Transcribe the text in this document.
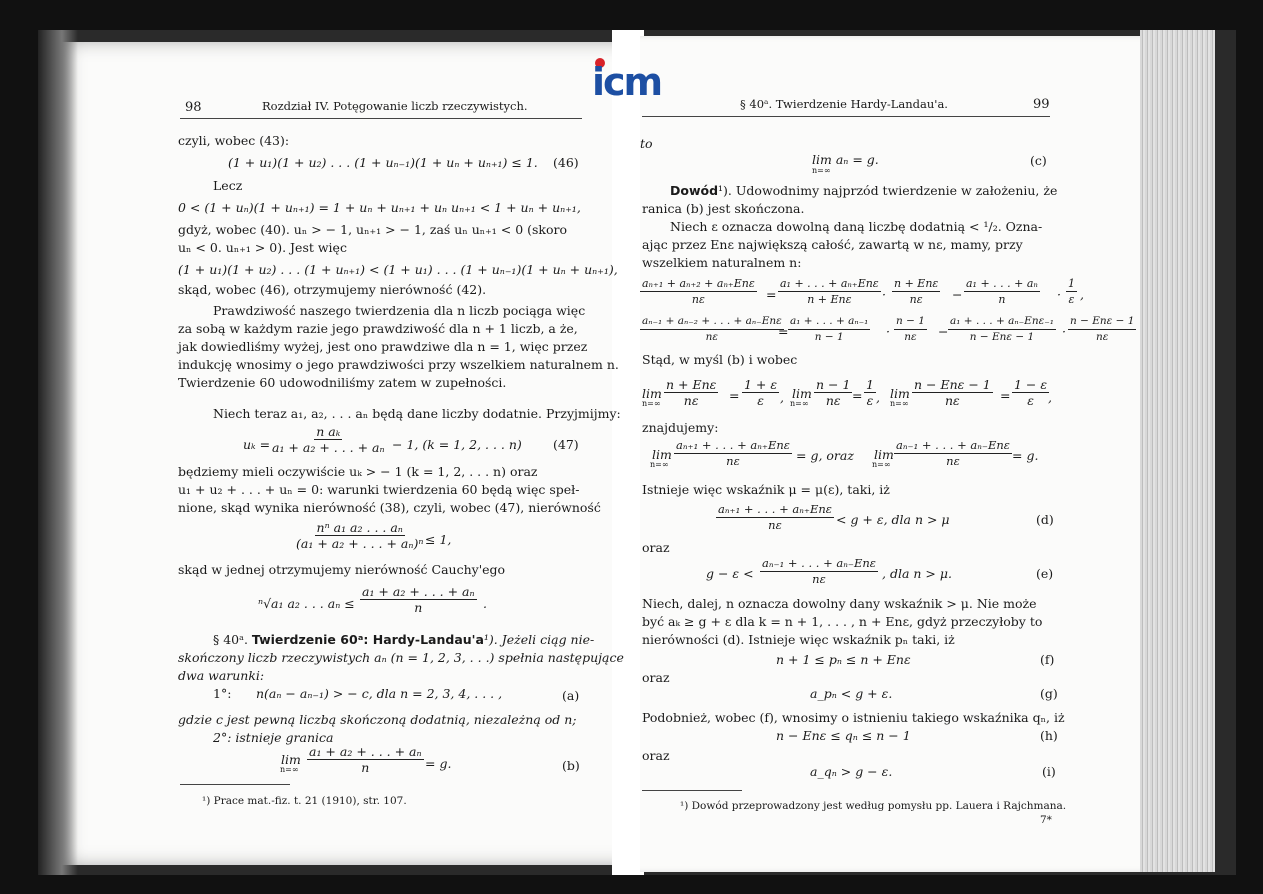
icm
98	Rozdział IV. Potęgowanie liczb rzeczywistych.
czyli, wobec (43):
(1 + u₁)(1 + u₂) . . . (1 + uₙ₋₁)(1 + uₙ + uₙ₊₁) ≤ 1. (46)
Lecz
0 < (1 + uₙ)(1 + uₙ₊₁) = 1 + uₙ + uₙ₊₁ + uₙ uₙ₊₁ < 1 + uₙ + uₙ₊₁,
gdyż, wobec (40). uₙ > − 1, uₙ₊₁ > − 1, zaś uₙ uₙ₊₁ < 0 (skoro
uₙ < 0. uₙ₊₁ > 0). Jest więc
(1 + u₁)(1 + u₂) . . . (1 + uₙ₊₁) < (1 + u₁) . . . (1 + uₙ₋₁)(1 + uₙ + uₙ₊₁),
skąd, wobec (46), otrzymujemy nierówność (42).
Prawdziwość naszego twierdzenia dla n liczb pociąga więc
za sobą w każdym razie jego prawdziwość dla n + 1 liczb, a że,
jak dowiedliśmy wyżej, jest ono prawdziwe dla n = 1, więc przez
indukcję wnosimy o jego prawdziwości przy wszelkiem naturalnem n.
Twierdzenie 60 udowodniliśmy zatem w zupełności.
Niech teraz a₁, a₂, . . . aₙ będą dane liczby dodatnie. Przyjmijmy:
$u_k = \frac{\text{n aₖ}}{\text{a₁ + a₂ + . . . + aₙ}} - 1$, (k = 1, 2, . . . n) (47)
będziemy mieli oczywiście uₖ > − 1 (k = 1, 2, . . . n) oraz
u₁ + u₂ + . . . + uₙ = 0: warunki twierdzenia 60 będą więc speł-
nione, skąd wynika nierówność (38), czyli, wobec (47), nierówność
$\frac{\text{nⁿ a₁ a₂ . . . aₙ}}{\text{(a₁ + a₂ + . . . + aₙ)ⁿ}} \le 1$,
skąd w jednej otrzymujemy nierówność Cauchy'ego
ⁿ√a₁ a₂ . . . $a_n \le \frac{\text{a₁ + a₂ + . . . + aₙ}}{n}$ .
§ 40ᵃ. Twierdzenie 60ᵃ: Hardy-Landau'a¹). Jeżeli ciąg nie-
skończony liczb rzeczywistych aₙ (n = 1, 2, 3, . . .) spełnia następujące
dwa warunki:
1°: n(aₙ − aₙ₋₁) > − c, dla n = 2, 3, 4, . . . ,	(a)
gdzie c jest pewną liczbą skończoną dodatnią, niezależną od n;
2°: istnieje granica
lim
$n=\infty \frac{\text{a₁ + a₂ + . . . + aₙ}}{n} = g$.	(b)
¹) Prace mat.-fiz. t. 21 (1910), str. 107.
§ 40ᵃ. Twierdzenie Hardy-Landau'a.	99
to
lim aₙ = g.
n=∞
(c)
Dowód¹). Udowodnimy najprzód twierdzenie w założeniu, że
ranica (b) jest skończona.
Niech ε oznacza dowolną daną liczbę dodatnią < ¹/₂. Ozna-
ając przez Enε największą całość, zawartą w nε, mamy, przy
wszelkiem naturalnem n:
aₙ₊₁ + aₙ₊₂ + aₙ₊Enε
nε	=
a₁ + . . . + aₙ₊Enε
n + Enε ·
n + Enε
$n\varepsilon - \frac{\text{a₁ + . . . + aₙ}}{n} \cdot \frac{1}{\varepsilon}$ ,
aₙ₋₁ + aₙ₋₂ + . . . + aₙ₋Enε
nε	= $\frac{\text{a₁ + . . . + aₙ₋₁}}{n - 1} \cdot \frac{n - 1}{n\varepsilon}$ −
a₁ + . . . + aₙ₋Enε₋₁
n − Enε − 1 ·
n − Enε − 1
nε
Stąd, w myśl (b) i wobec
lim
n=∞
n + Enε
$n\varepsilon = \frac{1 + \varepsilon}{\varepsilon}$ , lim
$n=\infty \frac{n - 1}{n\varepsilon} = \frac{1}{\varepsilon}$ , lim
n=∞
n − Enε − 1
nε	= $\frac{1 - \varepsilon}{\varepsilon}$
,
znajdujemy:
lim
n=∞
aₙ₊₁ + . . . + aₙ₊Enε
nε	= g, oraz lim
n=∞
aₙ₋₁ + . . . + aₙ₋Enε
nε	= g.
Istnieje więc wskaźnik μ = μ(ε), taki, iż
aₙ₊₁ + . . . + aₙ₊Enε
nε	< g + ε, dla n > μ	(d)
oraz
g − ε <
aₙ₋₁ + . . . + aₙ₋Enε
nε	, dla n > μ.	(e)
Niech, dalej, n oznacza dowolny dany wskaźnik > μ. Nie może
być aₖ ≥ g + ε dla k = n + 1, . . . , n + Enε, gdyż przeczyłoby to
nierówności (d). Istnieje więc wskaźnik pₙ taki, iż
n + 1 ≤ pₙ ≤ n + Enε	(f)
oraz
a_pₙ < g + ε.	(g)
Podobnież, wobec (f), wnosimy o istnieniu takiego wskaźnika qₙ, iż
n − Enε ≤ qₙ ≤ n − 1	(h)
oraz
a_qₙ > g − ε.	(i)
¹) Dowód przeprowadzony jest według pomysłu pp. Lauera i Rajchmana.
7*
